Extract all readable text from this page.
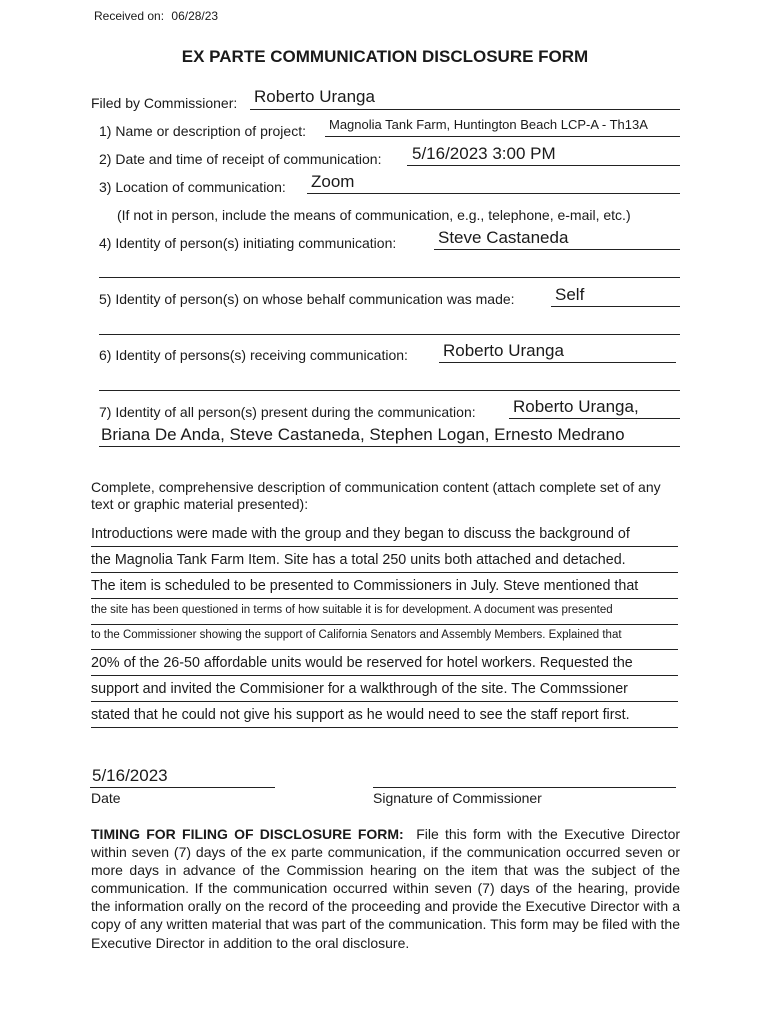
Received on: 06/28/23
EX PARTE COMMUNICATION DISCLOSURE FORM
Filed by Commissioner: Roberto Uranga
1) Name or description of project: Magnolia Tank Farm, Huntington Beach LCP-A - Th13A
2) Date and time of receipt of communication: 5/16/2023 3:00 PM
3) Location of communication: Zoom
(If not in person, include the means of communication, e.g., telephone, e-mail, etc.)
4) Identity of person(s) initiating communication: Steve Castaneda
5) Identity of person(s) on whose behalf communication was made: Self
6) Identity of persons(s) receiving communication: Roberto Uranga
7) Identity of all person(s) present during the communication: Roberto Uranga,
Briana De Anda, Steve Castaneda, Stephen Logan, Ernesto Medrano
Complete, comprehensive description of communication content (attach complete set of any text or graphic material presented):
Introductions were made with the group and they began to discuss the background of
the Magnolia Tank Farm Item. Site has a total 250 units both attached and detached.
The item is scheduled to be presented to Commissioners in July. Steve mentioned that
the site has been questioned in terms of how suitable it is for development. A document was presented
to the Commissioner showing the support of California Senators and Assembly Members. Explained that
20% of the 26-50 affordable units would be reserved for hotel workers. Requested the
support and invited the Commisioner for a walkthrough of the site. The Commssioner
stated that he could not give his support as he would need to see the staff report first.
5/16/2023
Date	Signature of Commissioner
TIMING FOR FILING OF DISCLOSURE FORM: File this form with the Executive Director within seven (7) days of the ex parte communication, if the communication occurred seven or more days in advance of the Commission hearing on the item that was the subject of the communication. If the communication occurred within seven (7) days of the hearing, provide the information orally on the record of the proceeding and provide the Executive Director with a copy of any written material that was part of the communication. This form may be filed with the Executive Director in addition to the oral disclosure.
